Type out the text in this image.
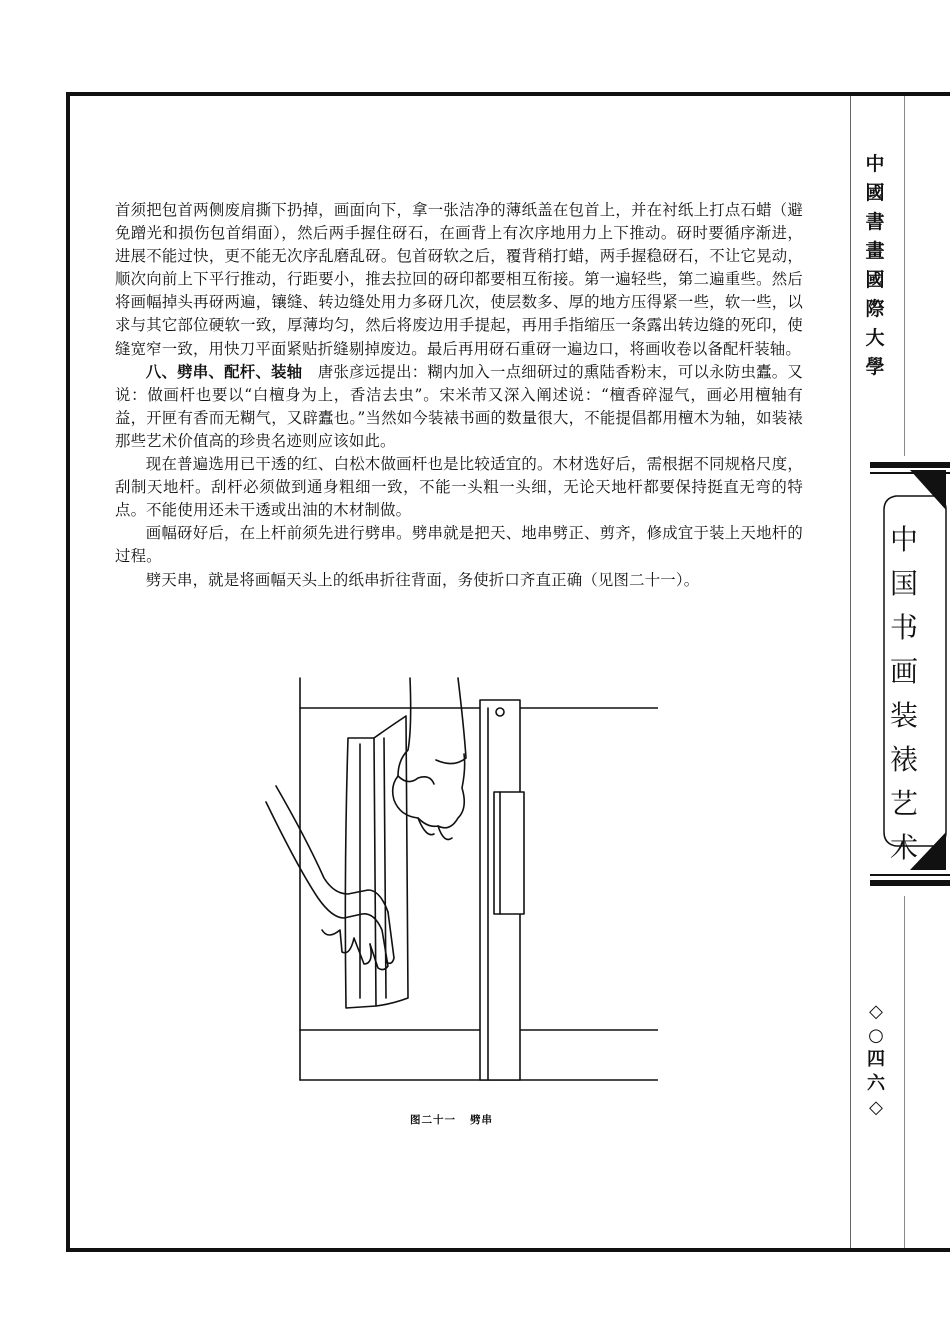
中
國
書
畫
國
際
大
學
中
国
书
画
装
裱
艺
术
◇
○
四
六
◇

首须把包首两侧废肩撕下扔掉，画面向下，拿一张洁净的薄纸盖在包首上，并在衬纸上打点石蜡（避免蹭光和损伤包首绢面），然后两手握住砑石，在画背上有次序地用力上下推动。砑时要循序渐进，进展不能过快，更不能无次序乱磨乱砑。包首砑软之后，覆背稍打蜡，两手握稳砑石，不让它晃动，顺次向前上下平行推动，行距要小，推去拉回的砑印都要相互衔接。第一遍轻些，第二遍重些。然后将画幅掉头再砑两遍，镶缝、转边缝处用力多砑几次，使层数多、厚的地方压得紧一些，软一些，以求与其它部位硬软一致，厚薄均匀，然后将废边用手提起，再用手指缩压一条露出转边缝的死印，使缝宽窄一致，用快刀平面紧贴折缝剔掉废边。最后再用砑石重砑一遍边口，将画收卷以备配杆装轴。

八、劈串、配杆、装轴 唐张彦远提出：糊内加入一点细研过的熏陆香粉末，可以永防虫蠹。又说：做画杆也要以“白檀身为上，香洁去虫”。宋米芾又深入阐述说：“檀香碎湿气，画必用檀轴有益，开匣有香而无糊气，又辟蠹也。”当然如今装裱书画的数量很大，不能提倡都用檀木为轴，如装裱那些艺术价值高的珍贵名迹则应该如此。

现在普遍选用已干透的红、白松木做画杆也是比较适宜的。木材选好后，需根据不同规格尺度，刮制天地杆。刮杆必须做到通身粗细一致，不能一头粗一头细，无论天地杆都要保持挺直无弯的特点。不能使用还未干透或出油的木材制做。

画幅砑好后，在上杆前须先进行劈串。劈串就是把天、地串劈正、剪齐，修成宜于装上天地杆的过程。

劈天串，就是将画幅天头上的纸串折往背面，务使折口齐直正确（见图二十一）。

图二十一 劈串
